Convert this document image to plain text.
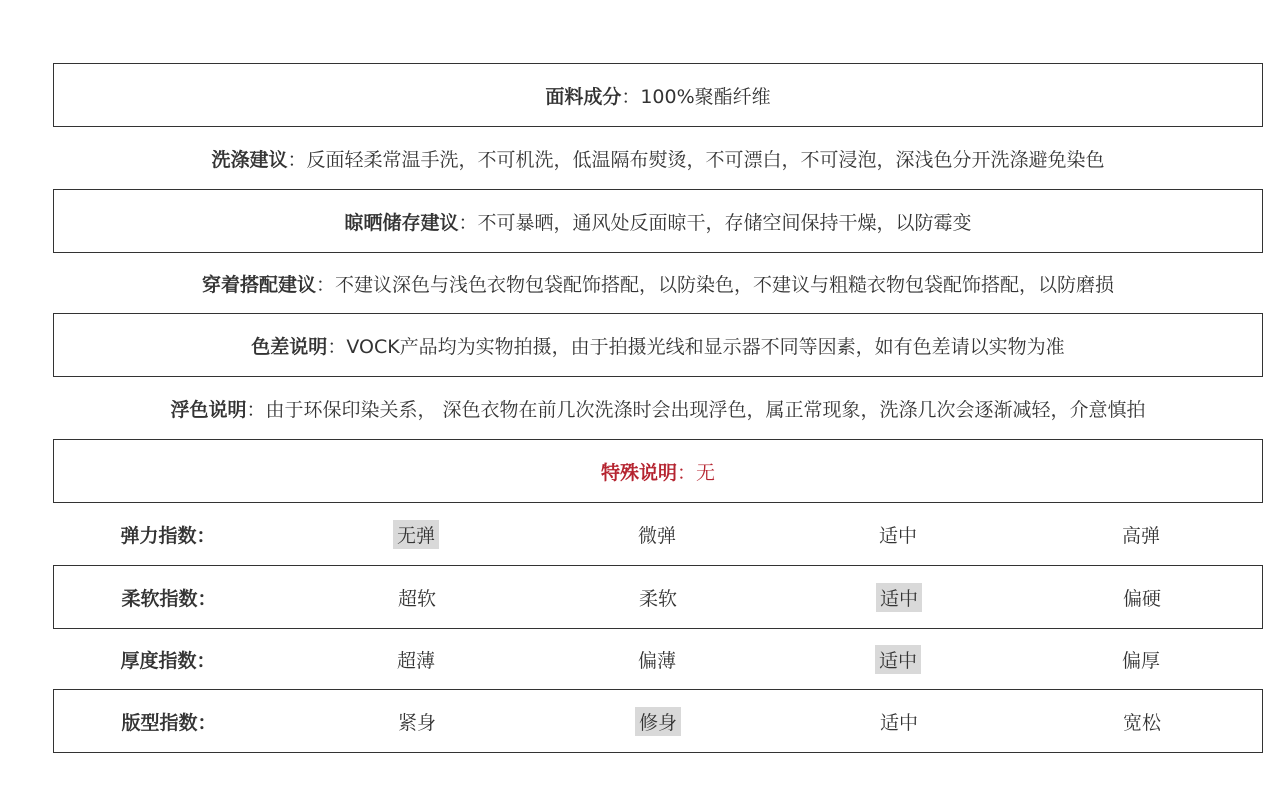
面料成分 ： 100%聚酯纤维
洗涤建议 ： 反面轻柔常温手洗，不可机洗，低温隔布熨烫，不可漂白，不可浸泡，深浅色分开洗涤避免染色
晾晒储存建议 ： 不可暴晒，通风处反面晾干，存储空间保持干燥，以防霉变
穿着搭配建议 ： 不建议深色与浅色衣物包袋配饰搭配，以防染色，不建议与粗糙衣物包袋配饰搭配，以防磨损
色差说明 ： VOCK产品均为实物拍摄，由于拍摄光线和显示器不同等因素，如有色差请以实物为准
浮色说明 ： 由于环保印染关系， 深色衣物在前几次洗涤时会出现浮色，属正常现象，洗涤几次会逐渐减轻，介意慎拍
特殊说明 ： 无
弹力指数：	无弹	微弹	适中	高弹
柔软指数：	超软	柔软	适中	偏硬
厚度指数：	超薄	偏薄	适中	偏厚
版型指数：	紧身	修身	适中	宽松
